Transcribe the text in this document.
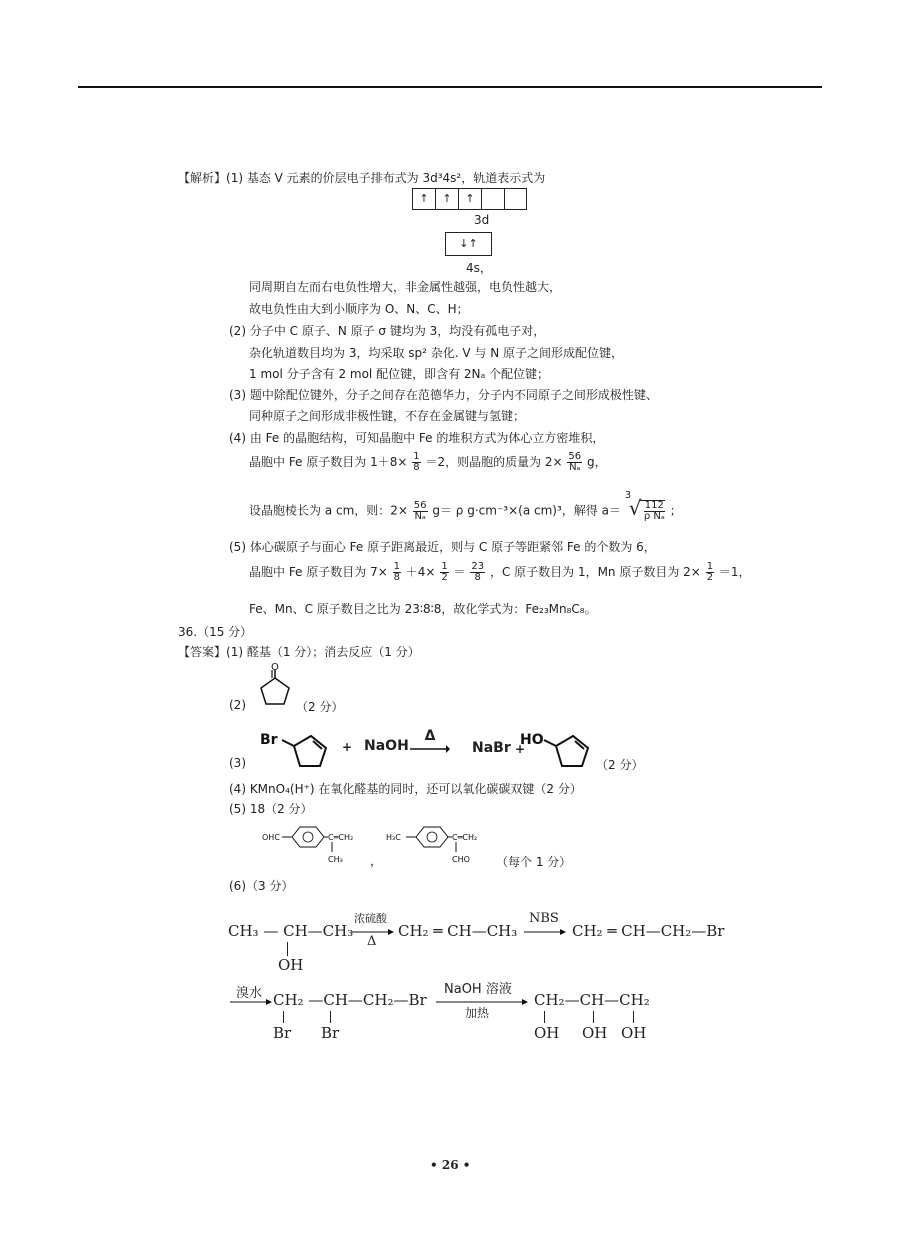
【解析】(1) 基态 V 元素的价层电子排布式为 3d³4s²，轨道表示式为
↑	↑	↑
3d
↓↑
4s，
同周期自左而右电负性增大，非金属性越强，电负性越大，
故电负性由大到小顺序为 O、N、C、H；
(2) 分子中 C 原子、N 原子 σ 键均为 3，均没有孤电子对，
杂化轨道数目均为 3，均采取 sp² 杂化. V 与 N 原子之间形成配位键，
1 mol 分子含有 2 mol 配位键，即含有 2Nₐ 个配位键；
(3) 题中除配位键外，分子之间存在范德华力，分子内不同原子之间形成极性键、
同种原子之间形成非极性键，不存在金属键与氢键；
(4) 由 Fe 的晶胞结构，可知晶胞中 Fe 的堆积方式为体心立方密堆积，
晶胞中 Fe 原子数目为 $1+8\times \frac{1}{8} =2$，则晶胞的质量为 $2\times \frac{56}{\text{Nₐ}}$ g，
设晶胞棱长为 a cm，则：$2\times \frac{56}{\text{Nₐ}} g= \rho$ g·cm⁻³×(a cm)³，解得 a＝
3
√
$\frac{112}{\text{ρ Nₐ}}$ ；
(5) 体心碳原子与面心 Fe 原子距离最近，则与 C 原子等距紧邻 Fe 的个数为 6，
晶胞中 Fe 原子数目为 $7\times \frac{1}{8} +4\times \frac{1}{2} = \frac{23}{8}$ ，C 原子数目为 1，Mn 原子数目为 $2\times \frac{1}{2} =1$，
Fe、Mn、C 原子数目之比为 23∶8∶8，故化学式为：Fe₂₃Mn₈C₈。
36.（15 分）
【答案】(1) 醛基（1 分）；消去反应（1 分）
(2)
O
（2 分）
(3)
Br	+ NaOH
Δ
NaBr +
HO
（2 分）
(4) KMnO₄(H⁺) 在氧化醛基的同时，还可以氧化碳碳双键（2 分）
(5) 18（2 分）
OHC	C═CH₂
CH₃ ，
H₃C	C═CH₂
CHO （每个 1 分）
(6)（3 分）
CH₃ — CH—CH₃
OH
浓硫酸
Δ
CH₂ ═ CH—CH₃
NBS
→ CH₂ ═ CH—CH₂—Br
溴水 → CH₂ —CH—CH₂—Br
Br Br
NaOH 溶液
加热
CH₂—CH—CH₂
OH OH OH
• 26 •
